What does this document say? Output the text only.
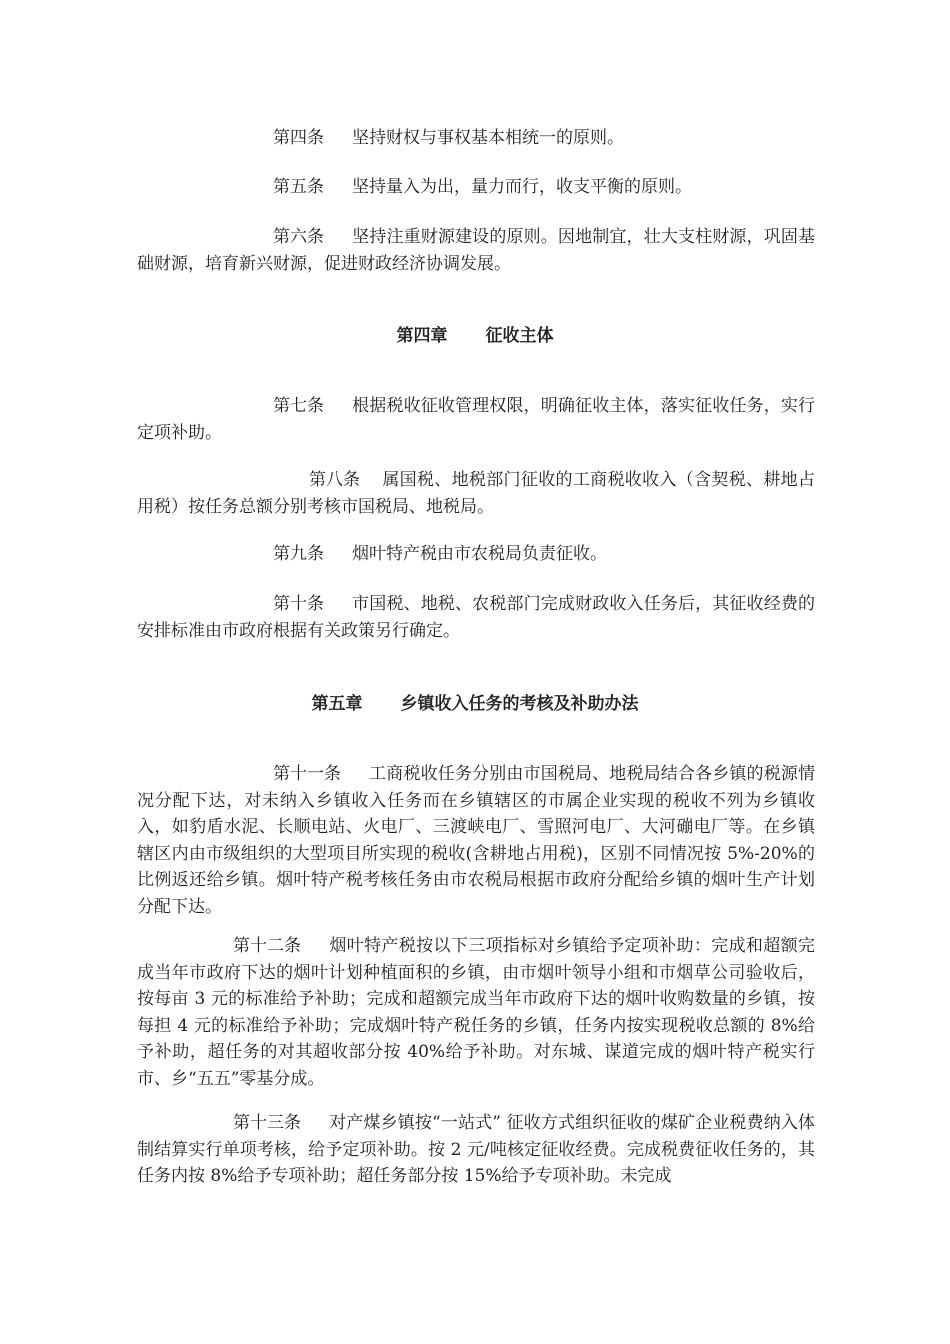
第四条 坚持财权与事权基本相统一的原则。

第五条 坚持量入为出，量力而行，收支平衡的原则。

第六条 坚持注重财源建设的原则。因地制宜，壮大支柱财源，巩固基础财源，培育新兴财源，促进财政经济协调发展。

第四章 征收主体

第七条 根据税收征收管理权限，明确征收主体，落实征收任务，实行定项补助。

第八条 属国税、地税部门征收的工商税收收入（含契税、耕地占用税）按任务总额分别考核市国税局、地税局。

第九条 烟叶特产税由市农税局负责征收。

第十条 市国税、地税、农税部门完成财政收入任务后，其征收经费的安排标准由市政府根据有关政策另行确定。

第五章 乡镇收入任务的考核及补助办法

第十一条 工商税收任务分别由市国税局、地税局结合各乡镇的税源情况分配下达，对未纳入乡镇收入任务而在乡镇辖区的市属企业实现的税收不列为乡镇收入，如豹盾水泥、长顺电站、火电厂、三渡峡电厂、雪照河电厂、大河磞电厂等。在乡镇辖区内由市级组织的大型项目所实现的税收(含耕地占用税)，区别不同情况按 5%-20%的比例返还给乡镇。烟叶特产税考核任务由市农税局根据市政府分配给乡镇的烟叶生产计划分配下达。

第十二条 烟叶特产税按以下三项指标对乡镇给予定项补助：完成和超额完成当年市政府下达的烟叶计划种植面积的乡镇，由市烟叶领导小组和市烟草公司验收后，按每亩 3 元的标准给予补助；完成和超额完成当年市政府下达的烟叶收购数量的乡镇，按每担 4 元的标准给予补助；完成烟叶特产税任务的乡镇，任务内按实现税收总额的 8%给予补助，超任务的对其超收部分按 40%给予补助。对东城、谋道完成的烟叶特产税实行市、乡“五五”零基分成。

第十三条 对产煤乡镇按“一站式” 征收方式组织征收的煤矿企业税费纳入体制结算实行单项考核，给予定项补助。按 2 元/吨核定征收经费。完成税费征收任务的，其任务内按 8%给予专项补助；超任务部分按 15%给予专项补助。未完成
